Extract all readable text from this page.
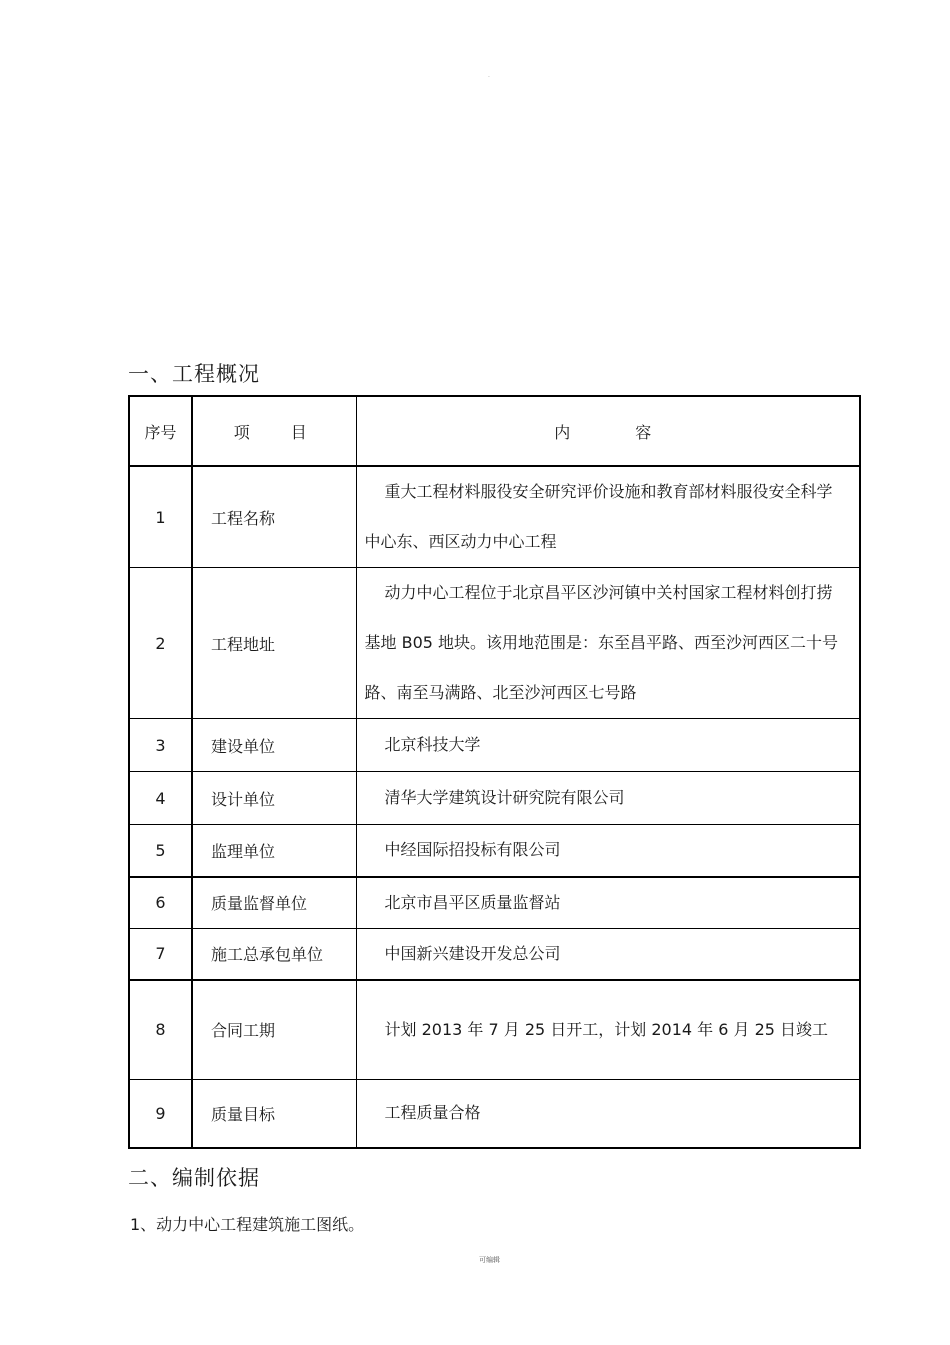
.
一、工程概况
序号	项 目	内 容
1	工程名称	重大工程材料服役安全研究评价设施和教育部材料服役安全科学中心东、西区动力中心工程

2	工程地址	动力中心工程位于北京昌平区沙河镇中关村国家工程材料创打捞基地 B05 地块。该用地范围是：东至昌平路、西至沙河西区二十号路、南至马满路、北至沙河西区七号路

3	建设单位	北京科技大学

4	设计单位	清华大学建筑设计研究院有限公司

5	监理单位	中经国际招投标有限公司

6	质量监督单位	北京市昌平区质量监督站

7	施工总承包单位	中国新兴建设开发总公司

8	合同工期	计划 2013 年 7 月 25 日开工，计划 2014 年 6 月 25 日竣工

9	质量目标	工程质量合格
二、编制依据
1、动力中心工程建筑施工图纸。
可编辑
